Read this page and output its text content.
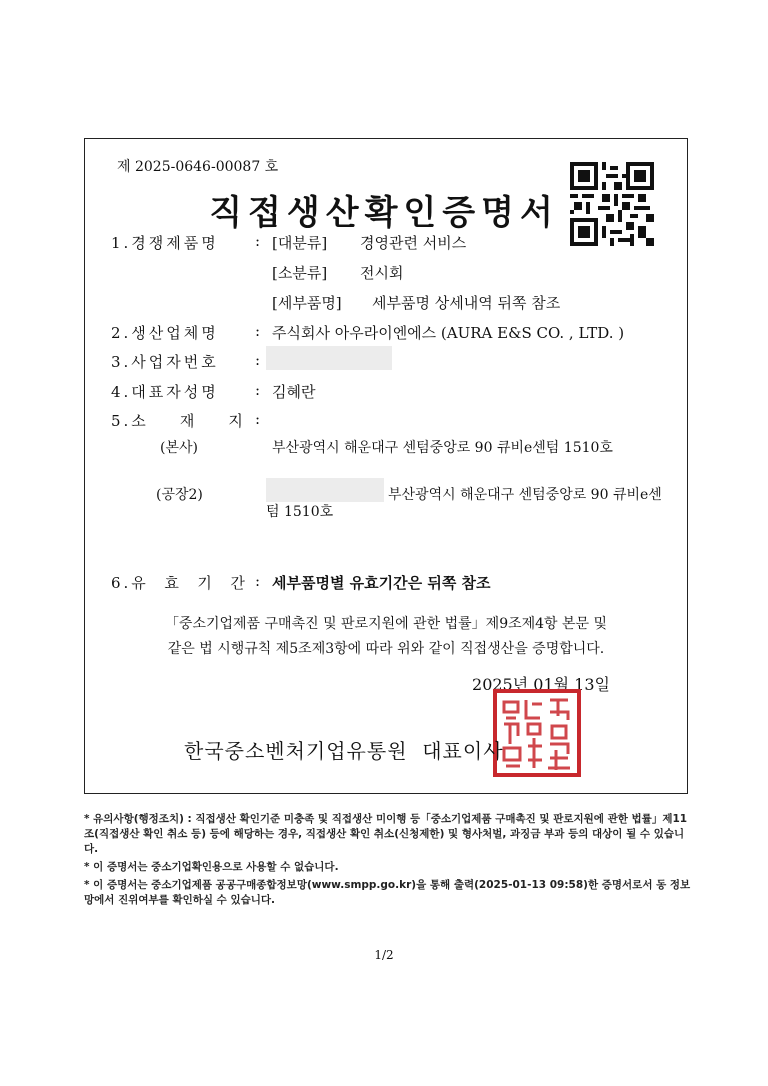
제 2025-0646-00087 호
직접생산확인증명서
1.경쟁제품명 : [대분류] 경영관련 서비스
[소분류] 전시회
[세부품명] 세부품명 상세내역 뒤쪽 참조
2.생산업체명 : 주식회사 아우라이엔에스 (AURA E&S CO. , LTD. )
3.사업자번호 :
4.대표자성명 : 김혜란
5.소    재    지 :
(본사)	부산광역시 해운대구 센텀중앙로 90 큐비e센텀 1510호
(공장2)	부산광역시 해운대구 센텀중앙로 90 큐비e센
텀 1510호
6.유  효  기  간 : 세부품명별 유효기간은 뒤쪽 참조
「중소기업제품 구매촉진 및 판로지원에 관한 법률」제9조제4항 본문 및
같은 법 시행규칙 제5조제3항에 따라 위와 같이 직접생산을 증명합니다.
2025년 01월 13일
한국중소벤처기업유통원  대표이사

* 유의사항(행정조치) : 직접생산 확인기준 미충족 및 직접생산 미이행 등「중소기업제품 구매촉진 및 판로지원에 관한 법률」제11조(직접생산 확인 취소 등) 등에 해당하는 경우, 직접생산 확인 취소(신청제한) 및 형사처벌, 과징금 부과 등의 대상이 될 수 있습니다.

* 이 증명서는 중소기업확인용으로 사용할 수 없습니다.

* 이 증명서는 중소기업제품 공공구매종합정보망(www.smpp.go.kr)을 통해 출력(2025-01-13 09:58)한 증명서로서 동 정보망에서 진위여부를 확인하실 수 있습니다.

1/2
